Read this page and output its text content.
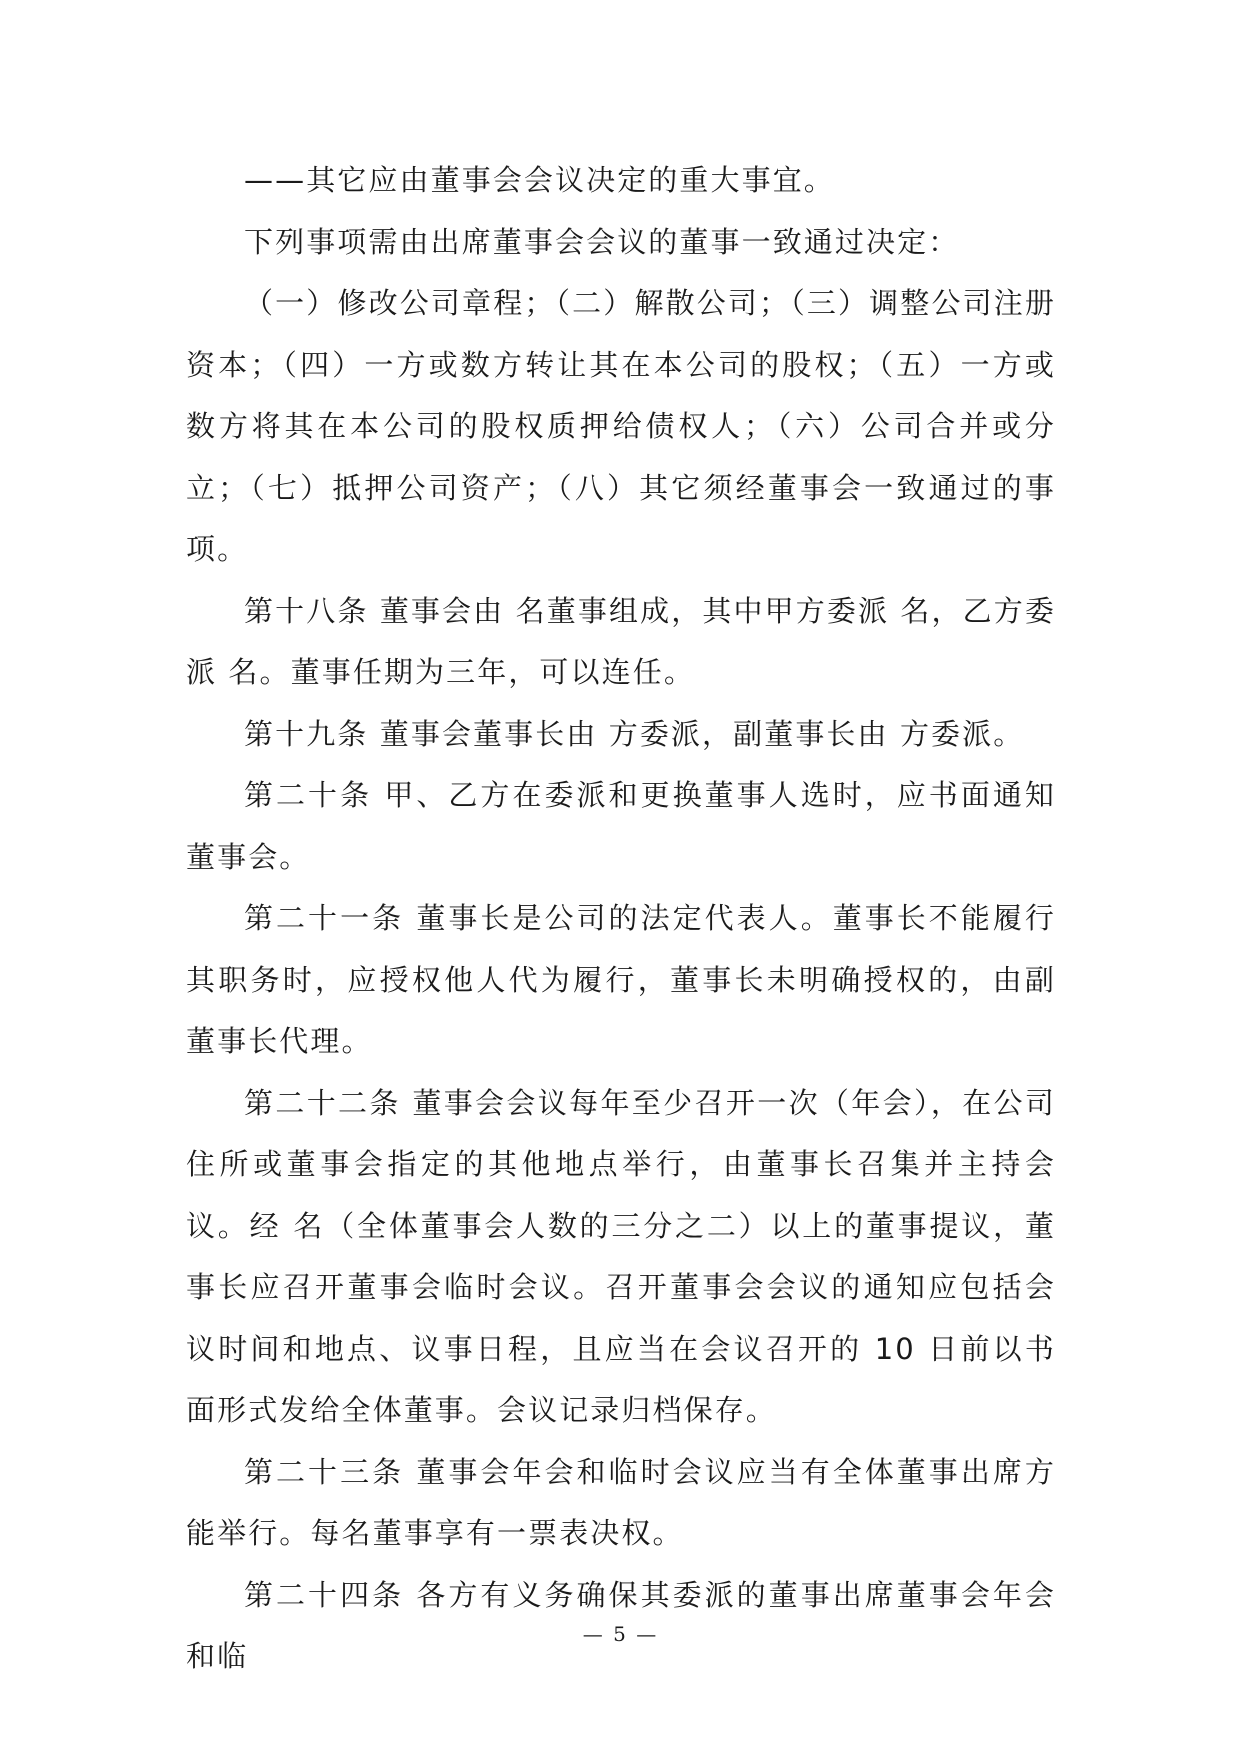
——其它应由董事会会议决定的重大事宜。

下列事项需由出席董事会会议的董事一致通过决定：

（一）修改公司章程；（二）解散公司；（三）调整公司注册资本；（四）一方或数方转让其在本公司的股权；（五）一方或数方将其在本公司的股权质押给债权人；（六）公司合并或分立；（七）抵押公司资产；（八）其它须经董事会一致通过的事项。

第十八条 董事会由 名董事组成，其中甲方委派 名，乙方委派 名。董事任期为三年，可以连任。

第十九条 董事会董事长由 方委派，副董事长由 方委派。

第二十条 甲、乙方在委派和更换董事人选时，应书面通知董事会。

第二十一条 董事长是公司的法定代表人。董事长不能履行其职务时，应授权他人代为履行，董事长未明确授权的，由副董事长代理。

第二十二条 董事会会议每年至少召开一次（年会），在公司住所或董事会指定的其他地点举行，由董事长召集并主持会议。经 名（全体董事会人数的三分之二）以上的董事提议，董事长应召开董事会临时会议。召开董事会会议的通知应包括会议时间和地点、议事日程，且应当在会议召开的 10 日前以书面形式发给全体董事。会议记录归档保存。

第二十三条 董事会年会和临时会议应当有全体董事出席方能举行。每名董事享有一票表决权。

第二十四条 各方有义务确保其委派的董事出席董事会年会和临

— 5 —
